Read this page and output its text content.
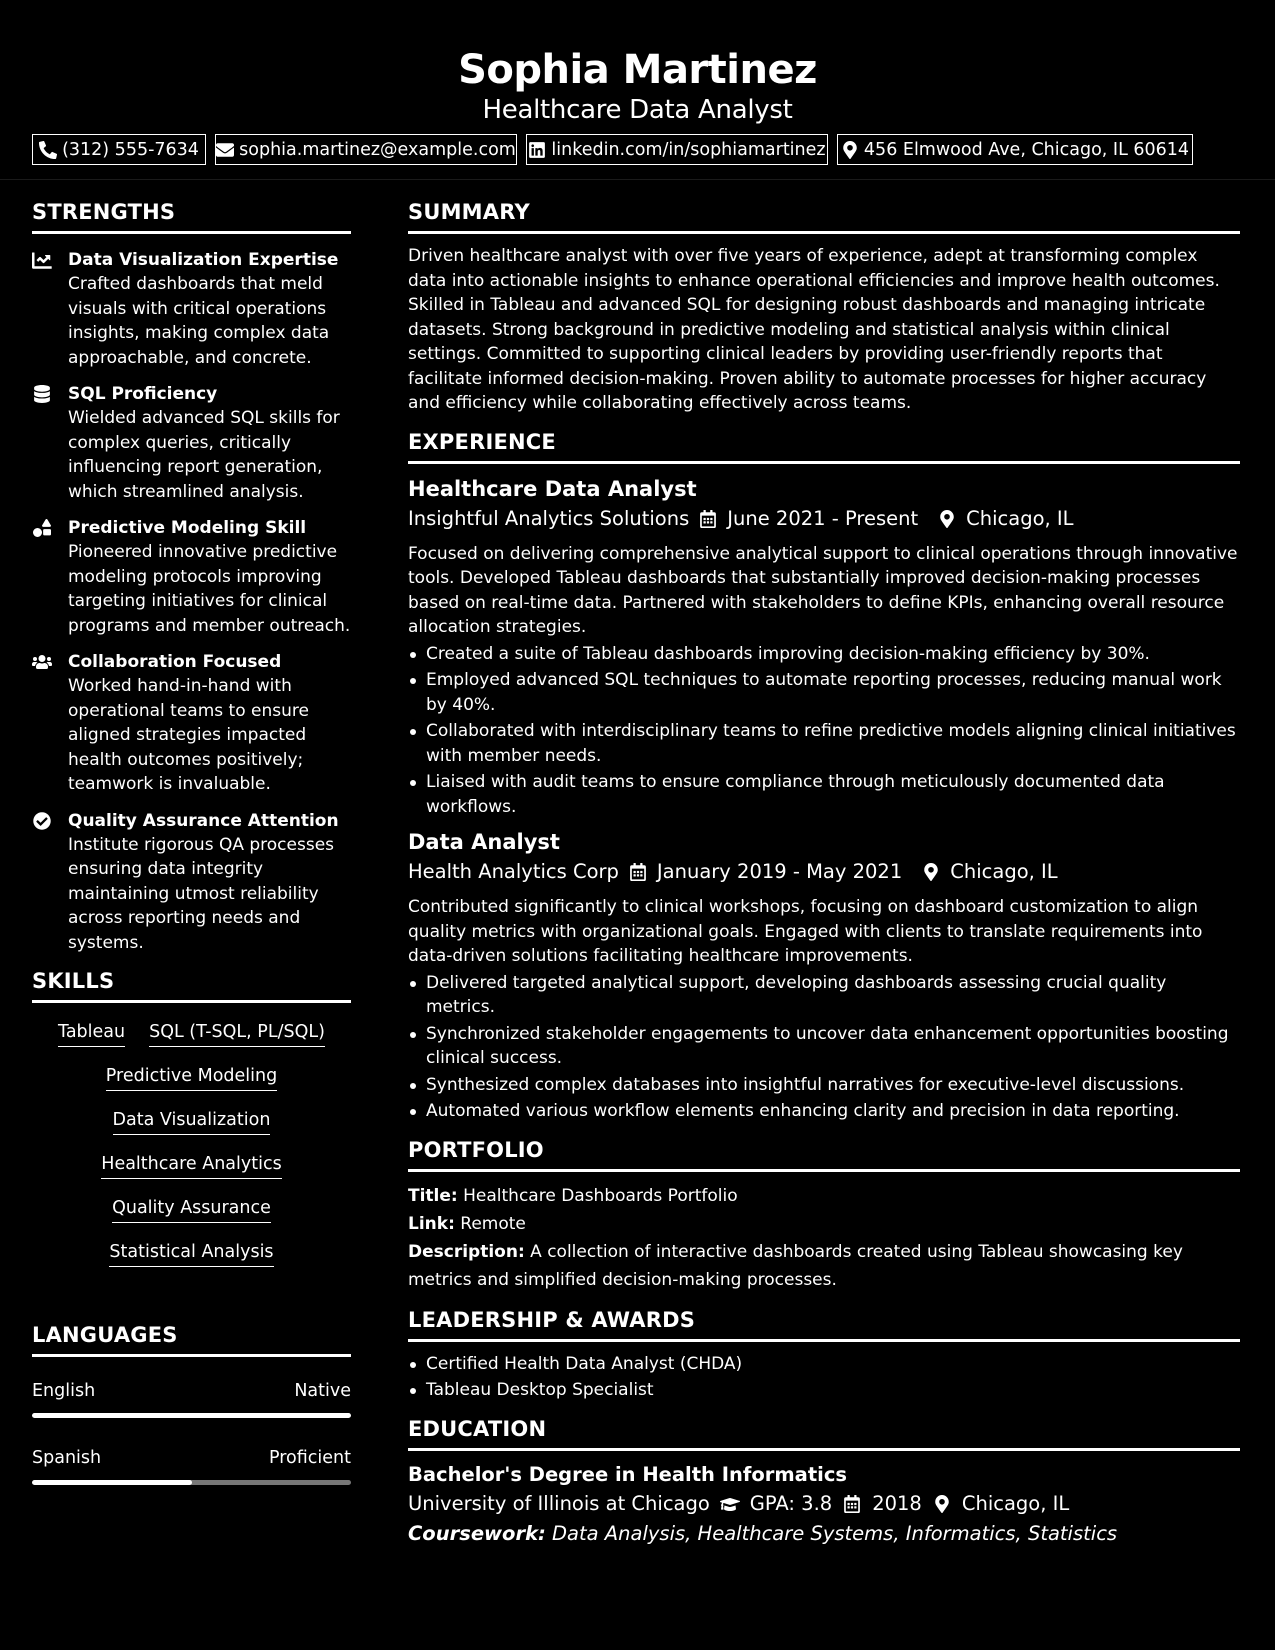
Sophia Martinez
Healthcare Data Analyst
(312) 555-7634 sophia.martinez@example.com linkedin.com/in/sophiamartinez 456 Elmwood Ave, Chicago, IL 60614
STRENGTHS
Data Visualization Expertise
Crafted dashboards that meld visuals with critical operations insights, making complex data approachable, and concrete.
SQL Proficiency
Wielded advanced SQL skills for complex queries, critically influencing report generation, which streamlined analysis.
Predictive Modeling Skill
Pioneered innovative predictive modeling protocols improving targeting initiatives for clinical programs and member outreach.
Collaboration Focused
Worked hand-in-hand with operational teams to ensure aligned strategies impacted health outcomes positively; teamwork is invaluable.
Quality Assurance Attention
Institute rigorous QA processes ensuring data integrity maintaining utmost reliability across reporting needs and systems.
SKILLS
Tableau SQL (T-SQL, PL/SQL)
Predictive Modeling
Data Visualization
Healthcare Analytics
Quality Assurance
Statistical Analysis
LANGUAGES
English	Native
Spanish	Proficient
SUMMARY

Driven healthcare analyst with over five years of experience, adept at transforming complex data into actionable insights to enhance operational efficiencies and improve health outcomes. Skilled in Tableau and advanced SQL for designing robust dashboards and managing intricate datasets. Strong background in predictive modeling and statistical analysis within clinical settings. Committed to supporting clinical leaders by providing user-friendly reports that facilitate informed decision-making. Proven ability to automate processes for higher accuracy and efficiency while collaborating effectively across teams.

EXPERIENCE
Healthcare Data Analyst
Insightful Analytics Solutions June 2021 - Present Chicago, IL

Focused on delivering comprehensive analytical support to clinical operations through innovative tools. Developed Tableau dashboards that substantially improved decision-making processes based on real-time data. Partnered with stakeholders to define KPIs, enhancing overall resource allocation strategies.

Created a suite of Tableau dashboards improving decision-making efficiency by 30%.
Employed advanced SQL techniques to automate reporting processes, reducing manual work by 40%.
Collaborated with interdisciplinary teams to refine predictive models aligning clinical initiatives with member needs.
Liaised with audit teams to ensure compliance through meticulously documented data workflows.
Data Analyst
Health Analytics Corp January 2019 - May 2021 Chicago, IL

Contributed significantly to clinical workshops, focusing on dashboard customization to align quality metrics with organizational goals. Engaged with clients to translate requirements into data-driven solutions facilitating healthcare improvements.

Delivered targeted analytical support, developing dashboards assessing crucial quality metrics.
Synchronized stakeholder engagements to uncover data enhancement opportunities boosting clinical success.
Synthesized complex databases into insightful narratives for executive-level discussions.
Automated various workflow elements enhancing clarity and precision in data reporting.
PORTFOLIO
Title: Healthcare Dashboards Portfolio
Link: Remote
Description: A collection of interactive dashboards created using Tableau showcasing key metrics and simplified decision-making processes.
LEADERSHIP & AWARDS
Certified Health Data Analyst (CHDA)
Tableau Desktop Specialist
EDUCATION
Bachelor's Degree in Health Informatics
University of Illinois at Chicago GPA: 3.8 2018 Chicago, IL
Coursework: Data Analysis, Healthcare Systems, Informatics, Statistics
